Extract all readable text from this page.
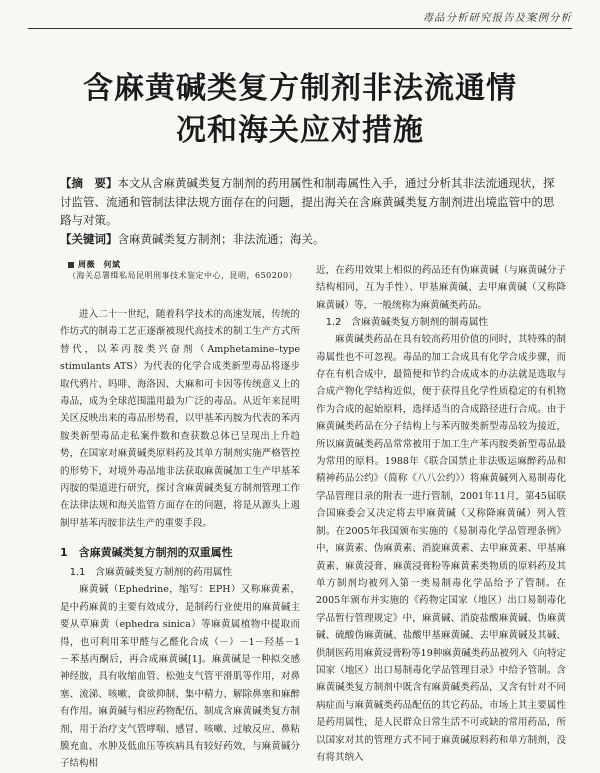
毒品分析研究报告及案例分析
含麻黄碱类复方制剂非法流通情
况和海关应对措施
【摘　要】本文从含麻黄碱类复方制剂的药用属性和制毒属性入手，通过分析其非法流通现状，探讨监管、流通和管制法律法规方面存在的问题，提出海关在含麻黄碱类复方制剂进出境监管中的思路与对策。
【关键词】含麻黄碱类复方制剂；非法流通；海关。
周薇　何斌
（海关总署缉私局昆明刑事技术鉴定中心，昆明，650200）

进入二十一世纪，随着科学技术的高速发展，传统的作坊式的制毒工艺正逐渐被现代高技术的制工生产方式所替代，以苯丙胺类兴奋剂（Amphetamine–type stimulants ATS）为代表的化学合成类新型毒品将逐步取代鸦片、吗啡、海洛因、大麻和可卡因等传统意义上的毒品，成为全球范围滥用最为广泛的毒品。从近年来昆明关区反映出来的毒品形势看，以甲基苯丙胺为代表的苯丙胺类新型毒品走私案件数和查获数总体已呈现出上升趋势，在国家对麻黄碱类原料药及其单方制剂实施严格管控的形势下，对境外毒品地非法获取麻黄碱加工生产甲基苯丙胺的渠道进行研究，探讨含麻黄碱类复方制剂管理工作在法律法规和海关监管方面存在的问题，将是从源头上遏制甲基苯丙胺非法生产的重要手段。

1　含麻黄碱类复方制剂的双重属性
1.1　含麻黄碱类复方制剂的药用属性

麻黄碱（Ephedrine，缩写：EPH）又称麻黄素，是中药麻黄的主要有效成分，是制药行业使用的麻黄碱主要从草麻黄（ephedra sinica）等麻黄属植物中提取而得，也可利用苯甲醛与乙醛化合成（－）－1－羟基－1－苯基丙酮后，再合成麻黄碱[1]。麻黄碱是一种拟交感神经胺，具有收缩血管、松弛支气管平滑肌等作用，对鼻塞、流涕、咳嗽、食欲抑制、集中精力、解除鼻塞和麻醉有作用。麻黄碱与相应药物配伍，制成含麻黄碱类复方制剂，用于治疗支气管哮喘、感冒、咳嗽、过敏反应、鼻粘膜充血、水肿及低血压等疾病具有较好药效，与麻黄碱分子结构相

近，在药用效果上相似的药品还有伪麻黄碱（与麻黄碱分子结构相同，互为手性）、甲基麻黄碱、去甲麻黄碱（又称降麻黄碱）等，一般统称为麻黄碱类药品。

1.2　含麻黄碱类复方制剂的制毒属性

麻黄碱类药品在具有较高药用价值的同时，其特殊的制毒属性也不可忽视。毒品的加工合成具有化学合成步骤，而存在有机合成中，最简便和节约合成成本的办法就是选取与合成产物化学结构近似，便于获得且化学性质稳定的有机物作为合成的起始原料，选择适当的合成路径进行合成。由于麻黄碱类药品在分子结构上与苯丙胺类新型毒品较为接近，所以麻黄碱类药品常常被用于加工生产苯丙胺类新型毒品最为常用的原料。1988年《联合国禁止非法贩运麻醉药品和精神药品公约》（简称《八八公约》）将麻黄碱列入易制毒化学品管理目录的附表一进行管制，2001年11月，第45届联合国麻委会又决定将去甲麻黄碱（又称降麻黄碱）列入管制。在2005年我国颁布实施的《易制毒化学品管理条例》中，麻黄素、伪麻黄素、消旋麻黄素、去甲麻黄素、甲基麻黄素、麻黄浸膏、麻黄浸膏粉等麻黄素类物质的原料药及其单方制剂均被列入第一类易制毒化学品给予了管制。在2005年颁布并实施的《药物定国家（地区）出口易制毒化学品暂行管理规定》中，麻黄碱、消旋盐酸麻黄碱、伪麻黄碱、硫酸伪麻黄碱、盐酸甲基麻黄碱、去甲麻黄碱及其碱、供制医药用麻黄浸膏粉等19种麻黄碱类药品被列入《向特定国家（地区）出口易制毒化学品管理目录》中给予管制。含麻黄碱类复方制剂中既含有麻黄碱类药品，又含有针对不同病症而与麻黄碱类药品配伍的其它药品，市场上其主要属性是药用属性，是人民群众日常生活不可或缺的常用药品，所以国家对其的管理方式不同于麻黄碱原料药和单方制剂，没有将其纳入
